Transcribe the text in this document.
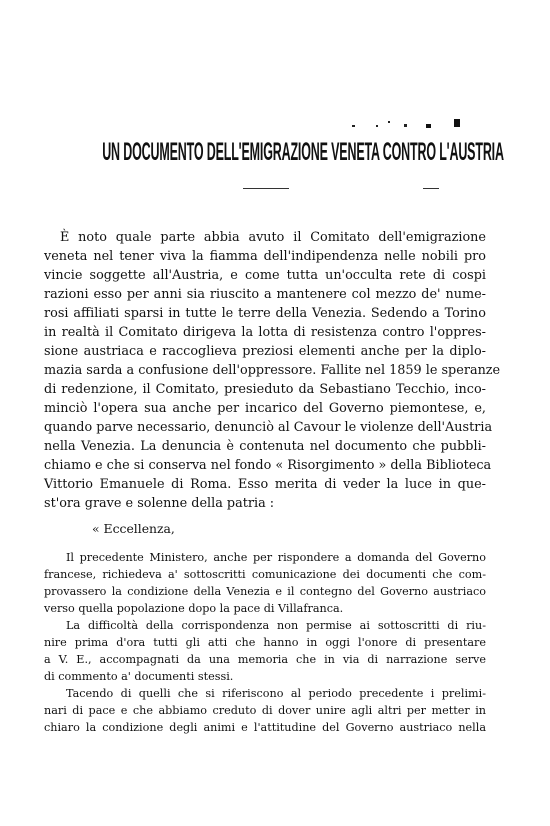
UN DOCUMENTO DELL'EMIGRAZIONE VENETA CONTRO L'AUSTRIA
È noto quale parte abbia avuto il Comitato dell'emigrazione
veneta nel tener viva la fiamma dell'indipendenza nelle nobili pro
vincie soggette all'Austria, e come tutta un'occulta rete di cospi
razioni esso per anni sia riuscito a mantenere col mezzo de' nume-
rosi affiliati sparsi in tutte le terre della Venezia. Sedendo a Torino
in realtà il Comitato dirigeva la lotta di resistenza contro l'oppres-
sione austriaca e raccoglieva preziosi elementi anche per la diplo-
mazia sarda a confusione dell'oppressore. Fallite nel 1859 le speranze
di redenzione, il Comitato, presieduto da Sebastiano Tecchio, inco-
minciò l'opera sua anche per incarico del Governo piemontese, e,
quando parve necessario, denunciò al Cavour le violenze dell'Austria
nella Venezia. La denuncia è contenuta nel documento che pubbli-
chiamo e che si conserva nel fondo « Risorgimento » della Biblioteca
Vittorio Emanuele di Roma. Esso merita di veder la luce in que-
st'ora grave e solenne della patria :
« Eccellenza,
Il precedente Ministero, anche per rispondere a domanda del Governo
francese, richiedeva a' sottoscritti comunicazione dei documenti che com-
provassero la condizione della Venezia e il contegno del Governo austriaco
verso quella popolazione dopo la pace di Villafranca.
La difficoltà della corrispondenza non permise ai sottoscritti di riu-
nire prima d'ora tutti gli atti che hanno in oggi l'onore di presentare
a V. E., accompagnati da una memoria che in via di narrazione serve
di commento a' documenti stessi.
Tacendo di quelli che si riferiscono al periodo precedente i prelimi-
nari di pace e che abbiamo creduto di dover unire agli altri per metter in
chiaro la condizione degli animi e l'attitudine del Governo austriaco nella
